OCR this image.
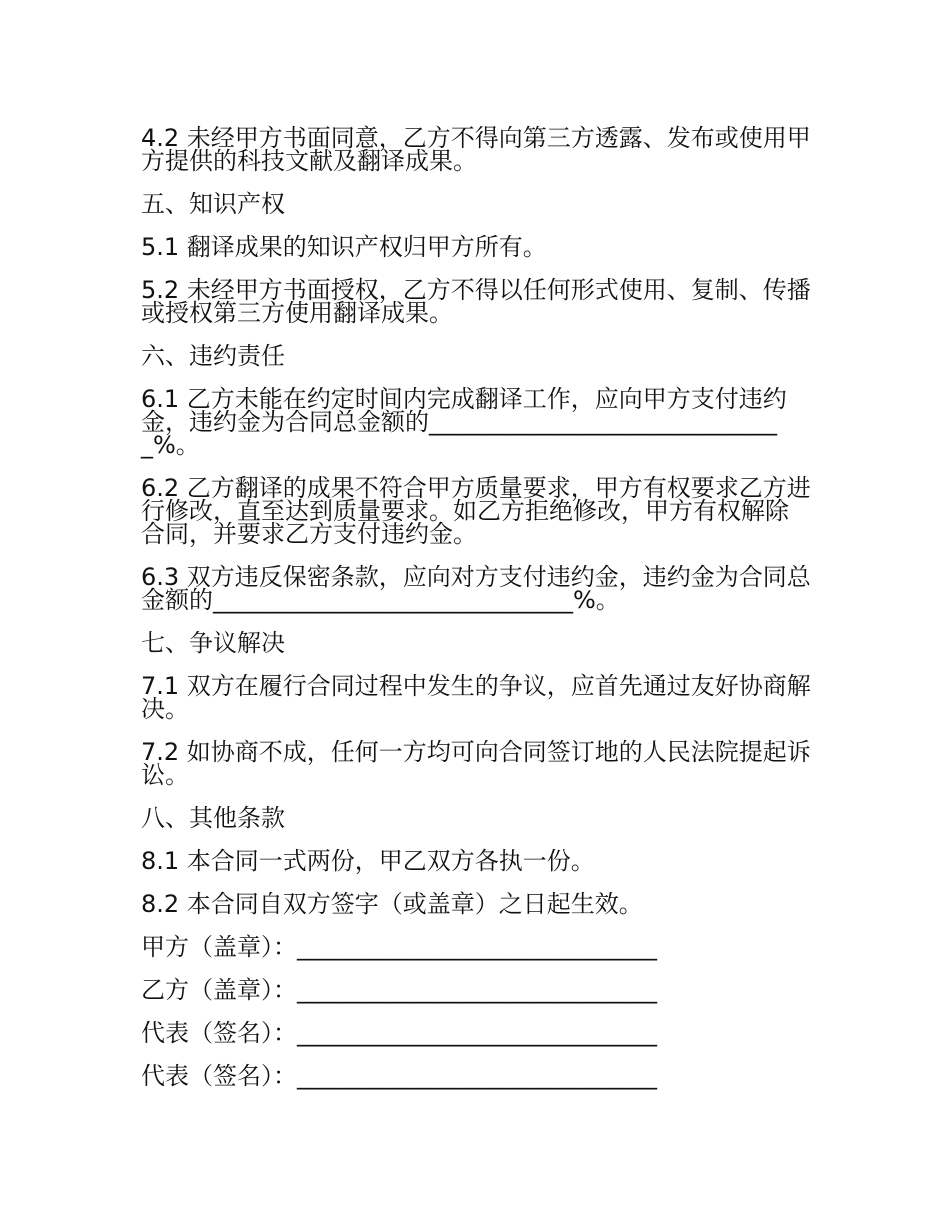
4.2 未经甲方书面同意，乙方不得向第三方透露、发布或使用甲方提供的科技文献及翻译成果。

五、知识产权

5.1 翻译成果的知识产权归甲方所有。

5.2 未经甲方书面授权，乙方不得以任何形式使用、复制、传播或授权第三方使用翻译成果。

六、违约责任

6.1 乙方未能在约定时间内完成翻译工作，应向甲方支付违约金，违约金为合同总金额的______________________________%。

6.2 乙方翻译的成果不符合甲方质量要求，甲方有权要求乙方进行修改，直至达到质量要求。如乙方拒绝修改，甲方有权解除合同，并要求乙方支付违约金。

6.3 双方违反保密条款，应向对方支付违约金，违约金为合同总金额的______________________________%。

七、争议解决

7.1 双方在履行合同过程中发生的争议，应首先通过友好协商解决。

7.2 如协商不成，任何一方均可向合同签订地的人民法院提起诉讼。

八、其他条款

8.1 本合同一式两份，甲乙双方各执一份。

8.2 本合同自双方签字（或盖章）之日起生效。

甲方（盖章）：______________________________

乙方（盖章）：______________________________

代表（签名）：______________________________

代表（签名）：______________________________
